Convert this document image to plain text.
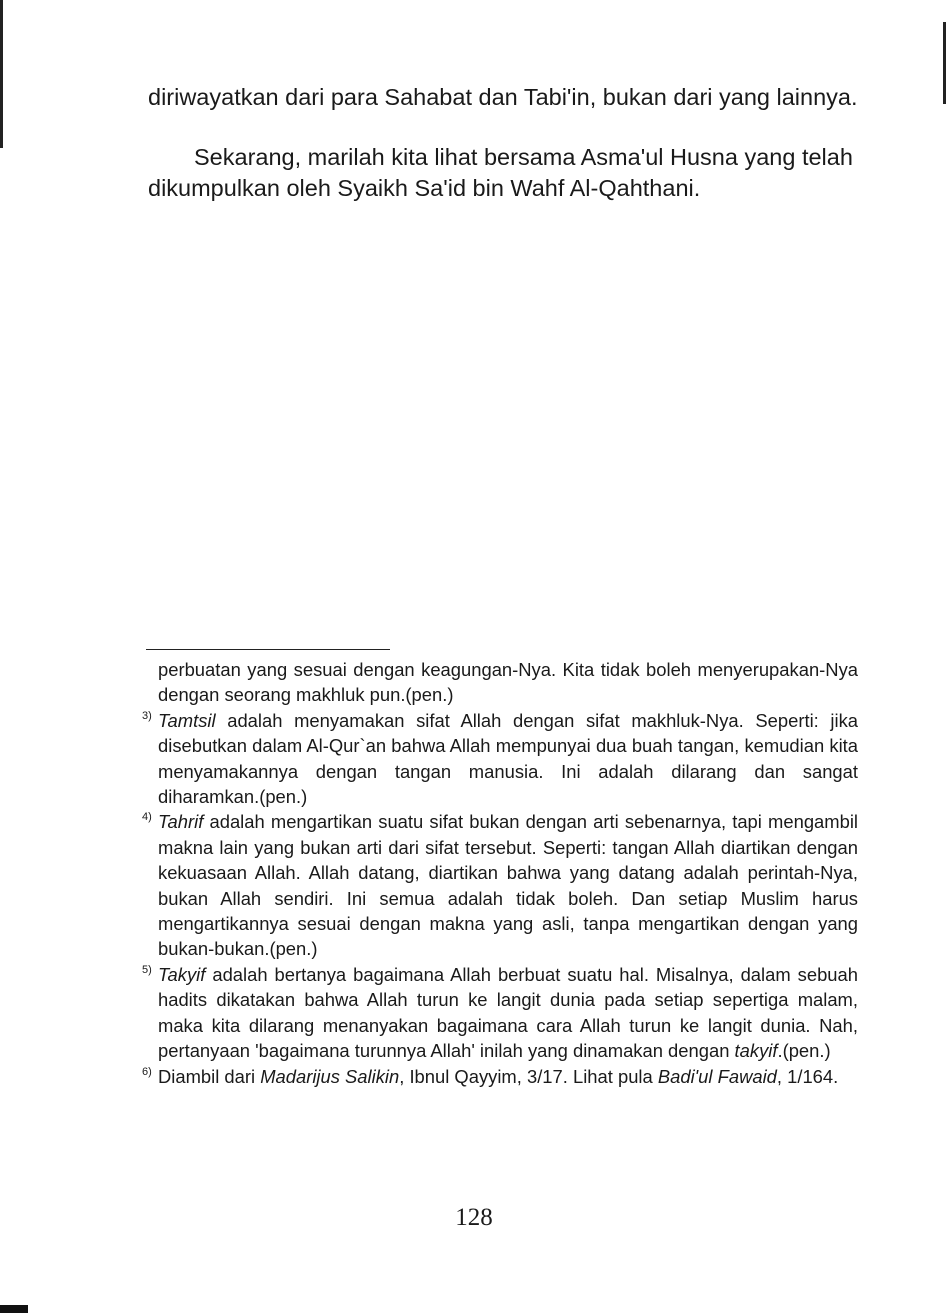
diriwayatkan dari para Sahabat dan Tabi'in, bukan dari yang lainnya.

Sekarang, marilah kita lihat bersama Asma'ul Husna yang telah dikumpulkan oleh Syaikh Sa'id bin Wahf Al-Qahthani.

perbuatan yang sesuai dengan keagungan-Nya. Kita tidak boleh menyerupakan-Nya dengan seorang makhluk pun.(pen.)

3) Tamtsil adalah menyamakan sifat Allah dengan sifat makhluk-Nya. Seperti: jika disebutkan dalam Al-Qur`an bahwa Allah mempunyai dua buah tangan, kemudian kita menyamakannya dengan tangan manusia. Ini adalah dilarang dan sangat diharamkan.(pen.)

4) Tahrif adalah mengartikan suatu sifat bukan dengan arti sebenarnya, tapi mengambil makna lain yang bukan arti dari sifat tersebut. Seperti: tangan Allah diartikan dengan kekuasaan Allah. Allah datang, diartikan bahwa yang datang adalah perintah-Nya, bukan Allah sendiri. Ini semua adalah tidak boleh. Dan setiap Muslim harus mengartikannya sesuai dengan makna yang asli, tanpa mengartikan dengan yang bukan-bukan.(pen.)

5) Takyif adalah bertanya bagaimana Allah berbuat suatu hal. Misalnya, dalam sebuah hadits dikatakan bahwa Allah turun ke langit dunia pada setiap sepertiga malam, maka kita dilarang menanyakan bagaimana cara Allah turun ke langit dunia. Nah, pertanyaan 'bagaimana turunnya Allah' inilah yang dinamakan dengan takyif.(pen.)

6) Diambil dari Madarijus Salikin, Ibnul Qayyim, 3/17. Lihat pula Badi'ul Fawaid, 1/164.

128
